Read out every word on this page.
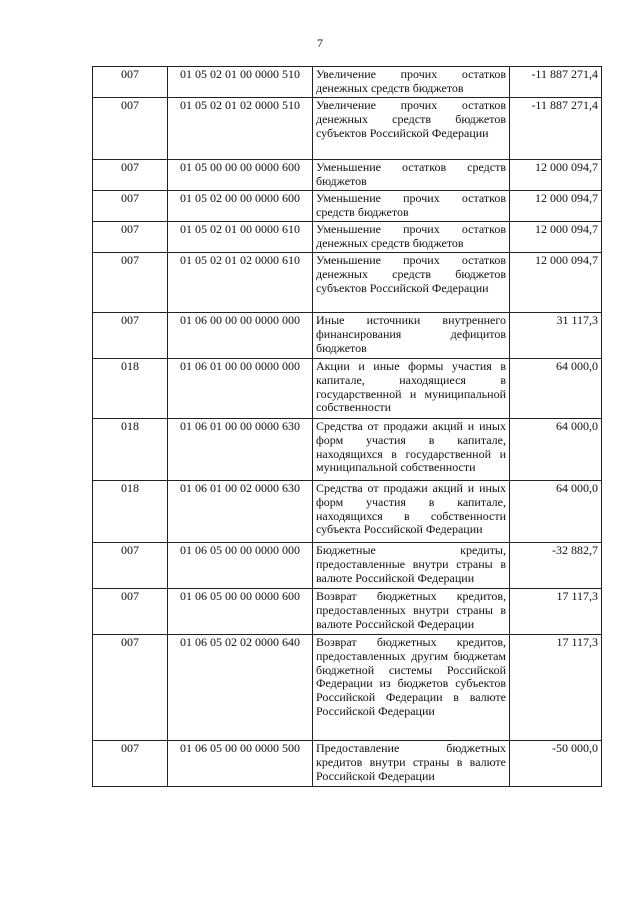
7
007	01 05 02 01 00 0000 510	Увеличение прочих остатков денежных средств бюджетов	-11 887 271,4
007	01 05 02 01 02 0000 510	Увеличение прочих остатков денежных средств бюджетов субъектов Российской Федерации	-11 887 271,4
007	01 05 00 00 00 0000 600	Уменьшение остатков средств бюджетов	12 000 094,7
007	01 05 02 00 00 0000 600	Уменьшение прочих остатков средств бюджетов	12 000 094,7
007	01 05 02 01 00 0000 610	Уменьшение прочих остатков денежных средств бюджетов	12 000 094,7
007	01 05 02 01 02 0000 610	Уменьшение прочих остатков денежных средств бюджетов субъектов Российской Федерации	12 000 094,7
007	01 06 00 00 00 0000 000	Иные источники внутреннего финансирования дефицитов бюджетов	31 117,3
018	01 06 01 00 00 0000 000	Акции и иные формы участия в капитале, находящиеся в государственной и муниципальной собственности	64 000,0
018	01 06 01 00 00 0000 630	Средства от продажи акций и иных форм участия в капитале, находящихся в государственной и муниципальной собственности	64 000,0
018	01 06 01 00 02 0000 630	Средства от продажи акций и иных форм участия в капитале, находящихся в собственности субъекта Российской Федерации	64 000,0
007	01 06 05 00 00 0000 000	Бюджетные кредиты, предоставленные внутри страны в валюте Российской Федерации	-32 882,7
007	01 06 05 00 00 0000 600	Возврат бюджетных кредитов, предоставленных внутри страны в валюте Российской Федерации	17 117,3
007	01 06 05 02 02 0000 640	Возврат бюджетных кредитов, предоставленных другим бюджетам бюджетной системы Российской Федерации из бюджетов субъектов Российской Федерации в валюте Российской Федерации	17 117,3
007	01 06 05 00 00 0000 500	Предоставление бюджетных кредитов внутри страны в валюте Российской Федерации	-50 000,0
